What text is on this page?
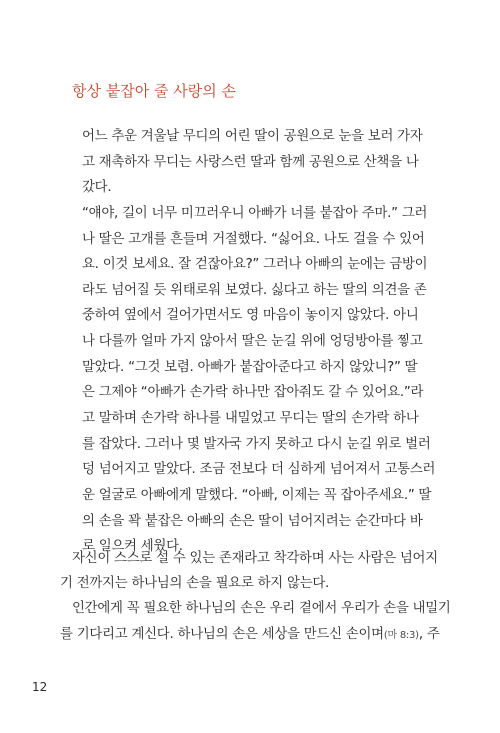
항상 붙잡아 줄 사랑의 손
어느 추운 겨울날 무디의 어린 딸이 공원으로 눈을 보러 가자
고 재촉하자 무디는 사랑스런 딸과 함께 공원으로 산책을 나
갔다.
“얘야, 길이 너무 미끄러우니 아빠가 너를 붙잡아 주마.” 그러
나 딸은 고개를 흔들며 거절했다. “싫어요. 나도 걸을 수 있어
요. 이것 보세요. 잘 걷잖아요?” 그러나 아빠의 눈에는 금방이
라도 넘어질 듯 위태로워 보였다. 싫다고 하는 딸의 의견을 존
중하여 옆에서 걸어가면서도 영 마음이 놓이지 않았다. 아니
나 다를까 얼마 가지 않아서 딸은 눈길 위에 엉덩방아를 찧고
말았다. “그것 보렴. 아빠가 붙잡아준다고 하지 않았니?” 딸
은 그제야 “아빠가 손가락 하나만 잡아줘도 갈 수 있어요.”라
고 말하며 손가락 하나를 내밀었고 무디는 딸의 손가락 하나
를 잡았다. 그러나 몇 발자국 가지 못하고 다시 눈길 위로 벌러
덩 넘어지고 말았다. 조금 전보다 더 심하게 넘어져서 고통스러
운 얼굴로 아빠에게 말했다. “아빠, 이제는 꼭 잡아주세요.” 딸
의 손을 꽉 붙잡은 아빠의 손은 딸이 넘어지려는 순간마다 바
로 일으켜 세웠다.
자신이 스스로 설 수 있는 존재라고 착각하며 사는 사람은 넘어지
기 전까지는 하나님의 손을 필요로 하지 않는다.
인간에게 꼭 필요한 하나님의 손은 우리 곁에서 우리가 손을 내밀기
를 기다리고 계신다. 하나님의 손은 세상을 만드신 손이며(마 8:3), 주
12
